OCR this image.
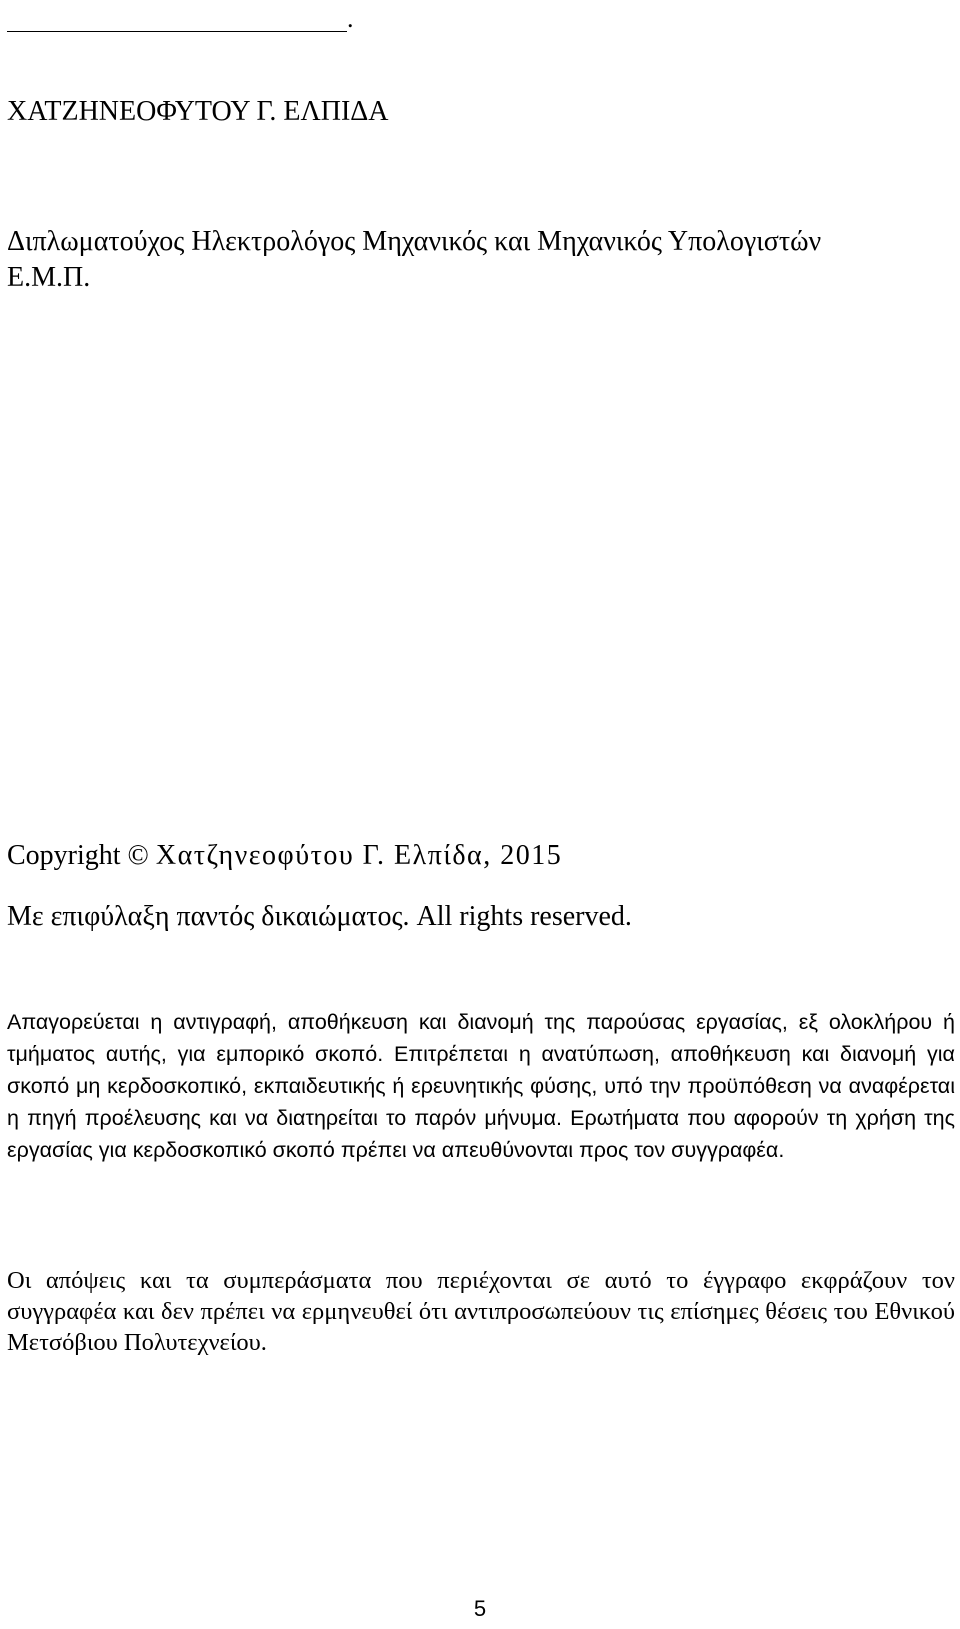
.
ΧΑΤΖΗΝΕΟΦΥΤΟΥ Γ. ΕΛΠΙΔΑ
Διπλωματούχος Ηλεκτρολόγος Μηχανικός και Μηχανικός Υπολογιστών
Ε.Μ.Π.
Copyright © Χατζηνεοφύτου Γ. Ελπίδα, 2015
Με επιφύλαξη παντός δικαιώματος. All rights reserved.

Απαγορεύεται η αντιγραφή, αποθήκευση και διανομή της παρούσας εργασίας, εξ ολοκλήρου ή τμήματος αυτής, για εμπορικό σκοπό. Επιτρέπεται η ανατύπωση, αποθήκευση και διανομή για σκοπό μη κερδοσκοπικό, εκπαιδευτικής ή ερευνητικής φύσης, υπό την προϋπόθεση να αναφέρεται η πηγή προέλευσης και να διατηρείται το παρόν μήνυμα. Ερωτήματα που αφορούν τη χρήση της εργασίας για κερδοσκοπικό σκοπό πρέπει να απευθύνονται προς τον συγγραφέα.

Οι απόψεις και τα συμπεράσματα που περιέχονται σε αυτό το έγγραφο εκφράζουν τον συγγραφέα και δεν πρέπει να ερμηνευθεί ότι αντιπροσωπεύουν τις επίσημες θέσεις του Εθνικού Μετσόβιου Πολυτεχνείου.

5
